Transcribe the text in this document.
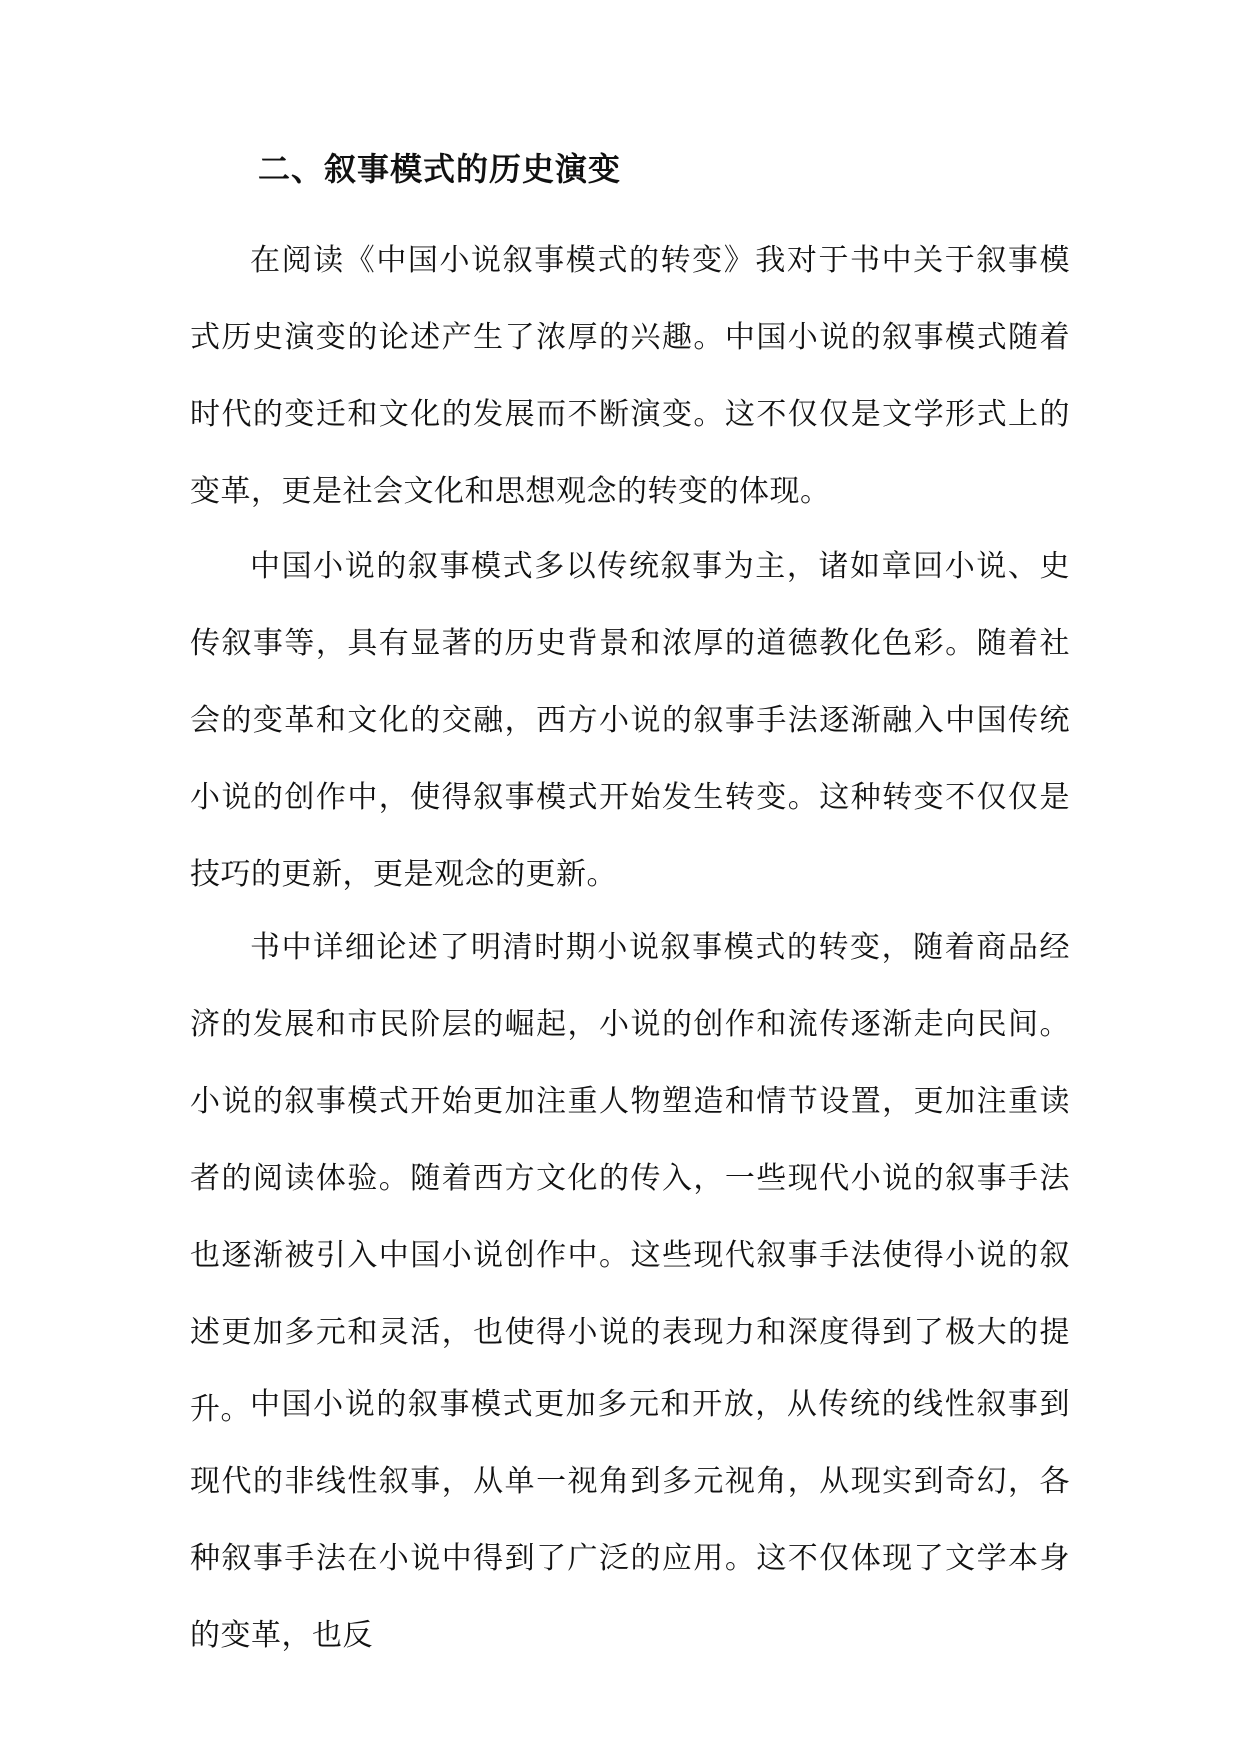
二、叙事模式的历史演变

在阅读《中国小说叙事模式的转变》我对于书中关于叙事模式历史演变的论述产生了浓厚的兴趣。中国小说的叙事模式随着时代的变迁和文化的发展而不断演变。这不仅仅是文学形式上的变革，更是社会文化和思想观念的转变的体现。

中国小说的叙事模式多以传统叙事为主，诸如章回小说、史传叙事等，具有显著的历史背景和浓厚的道德教化色彩。随着社会的变革和文化的交融，西方小说的叙事手法逐渐融入中国传统小说的创作中，使得叙事模式开始发生转变。这种转变不仅仅是技巧的更新，更是观念的更新。

书中详细论述了明清时期小说叙事模式的转变，随着商品经济的发展和市民阶层的崛起，小说的创作和流传逐渐走向民间。小说的叙事模式开始更加注重人物塑造和情节设置，更加注重读者的阅读体验。随着西方文化的传入，一些现代小说的叙事手法也逐渐被引入中国小说创作中。这些现代叙事手法使得小说的叙述更加多元和灵活，也使得小说的表现力和深度得到了极大的提升。 中国小说的叙事模式更加多元和开放，从传统的线性叙事到现代的非线性叙事，从单一视角到多元视角，从现实到奇幻，各种叙事手法在小说中得到了广泛的应用。这不仅体现了文学本身的变革，也反
